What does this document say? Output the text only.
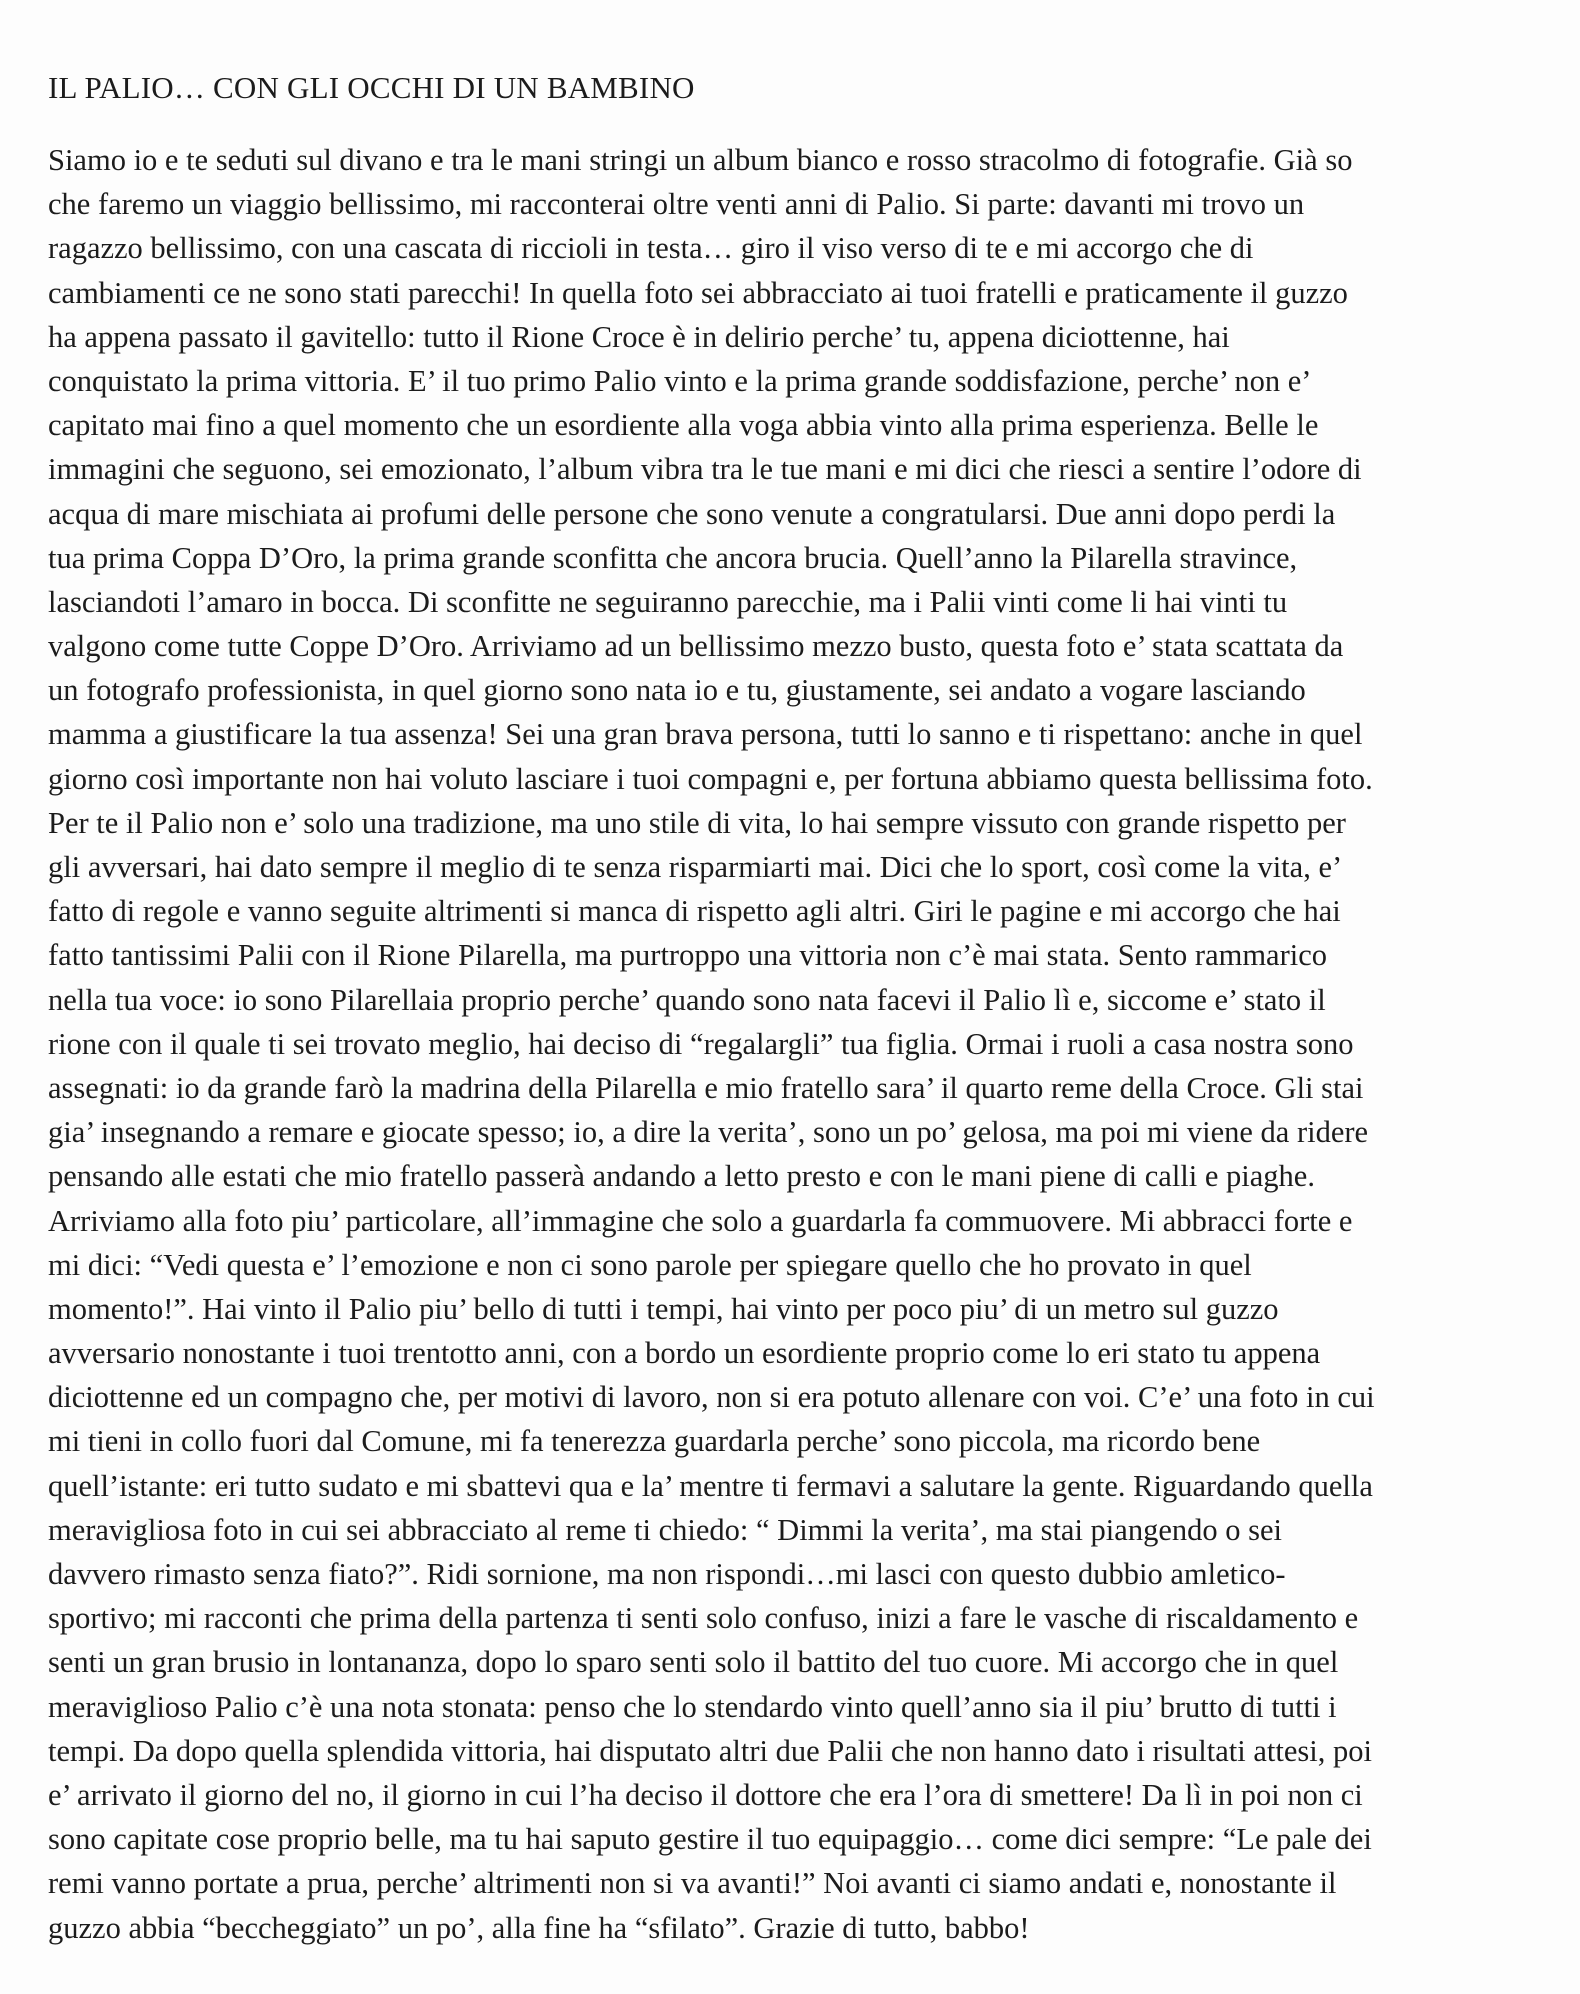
IL PALIO… CON GLI OCCHI DI UN BAMBINO
Siamo io e te seduti sul divano e tra le mani stringi un album bianco e rosso stracolmo di fotografie. Già so
che faremo un viaggio bellissimo, mi racconterai oltre venti anni di Palio. Si parte: davanti mi trovo un
ragazzo bellissimo, con una cascata di riccioli in testa… giro il viso verso di te e mi accorgo che di
cambiamenti ce ne sono stati parecchi! In quella foto sei abbracciato ai tuoi fratelli e praticamente il guzzo
ha appena passato il gavitello: tutto il Rione Croce è in delirio perche’ tu, appena diciottenne, hai
conquistato la prima vittoria. E’ il tuo primo Palio vinto e la prima grande soddisfazione, perche’ non e’
capitato mai fino a quel momento che un esordiente alla voga abbia vinto alla prima esperienza. Belle le
immagini che seguono, sei emozionato, l’album vibra tra le tue mani e mi dici che riesci a sentire l’odore di
acqua di mare mischiata ai profumi delle persone che sono venute a congratularsi. Due anni dopo perdi la
tua prima Coppa D’Oro, la prima grande sconfitta che ancora brucia. Quell’anno la Pilarella stravince,
lasciandoti l’amaro in bocca. Di sconfitte ne seguiranno parecchie, ma i Palii vinti come li hai vinti tu
valgono come tutte Coppe D’Oro. Arriviamo ad un bellissimo mezzo busto, questa foto e’ stata scattata da
un fotografo professionista, in quel giorno sono nata io e tu, giustamente, sei andato a vogare lasciando
mamma a giustificare la tua assenza! Sei una gran brava persona, tutti lo sanno e ti rispettano: anche in quel
giorno così importante non hai voluto lasciare i tuoi compagni e, per fortuna abbiamo questa bellissima foto.
Per te il Palio non e’ solo una tradizione, ma uno stile di vita, lo hai sempre vissuto con grande rispetto per
gli avversari, hai dato sempre il meglio di te senza risparmiarti mai. Dici che lo sport, così come la vita, e’
fatto di regole e vanno seguite altrimenti si manca di rispetto agli altri. Giri le pagine e mi accorgo che hai
fatto tantissimi Palii con il Rione Pilarella, ma purtroppo una vittoria non c’è mai stata. Sento rammarico
nella tua voce: io sono Pilarellaia proprio perche’ quando sono nata facevi il Palio lì e, siccome e’ stato il
rione con il quale ti sei trovato meglio, hai deciso di “regalargli” tua figlia. Ormai i ruoli a casa nostra sono
assegnati: io da grande farò la madrina della Pilarella e mio fratello sara’ il quarto reme della Croce. Gli stai
gia’ insegnando a remare e giocate spesso; io, a dire la verita’, sono un po’ gelosa, ma poi mi viene da ridere
pensando alle estati che mio fratello passerà andando a letto presto e con le mani piene di calli e piaghe.
Arriviamo alla foto piu’ particolare, all’immagine che solo a guardarla fa commuovere. Mi abbracci forte e
mi dici: “Vedi questa e’ l’emozione e non ci sono parole per spiegare quello che ho provato in quel
momento!”. Hai vinto il Palio piu’ bello di tutti i tempi, hai vinto per poco piu’ di un metro sul guzzo
avversario nonostante i tuoi trentotto anni, con a bordo un esordiente proprio come lo eri stato tu appena
diciottenne ed un compagno che, per motivi di lavoro, non si era potuto allenare con voi. C’e’ una foto in cui
mi tieni in collo fuori dal Comune, mi fa tenerezza guardarla perche’ sono piccola, ma ricordo bene
quell’istante: eri tutto sudato e mi sbattevi qua e la’ mentre ti fermavi a salutare la gente. Riguardando quella
meravigliosa foto in cui sei abbracciato al reme ti chiedo: “ Dimmi la verita’, ma stai piangendo o sei
davvero rimasto senza fiato?”. Ridi sornione, ma non rispondi…mi lasci con questo dubbio amletico-
sportivo; mi racconti che prima della partenza ti senti solo confuso, inizi a fare le vasche di riscaldamento e
senti un gran brusio in lontananza, dopo lo sparo senti solo il battito del tuo cuore. Mi accorgo che in quel
meraviglioso Palio c’è una nota stonata: penso che lo stendardo vinto quell’anno sia il piu’ brutto di tutti i
tempi. Da dopo quella splendida vittoria, hai disputato altri due Palii che non hanno dato i risultati attesi, poi
e’ arrivato il giorno del no, il giorno in cui l’ha deciso il dottore che era l’ora di smettere! Da lì in poi non ci
sono capitate cose proprio belle, ma tu hai saputo gestire il tuo equipaggio… come dici sempre: “Le pale dei
remi vanno portate a prua, perche’ altrimenti non si va avanti!” Noi avanti ci siamo andati e, nonostante il
guzzo abbia “beccheggiato” un po’, alla fine ha “sfilato”. Grazie di tutto, babbo!
